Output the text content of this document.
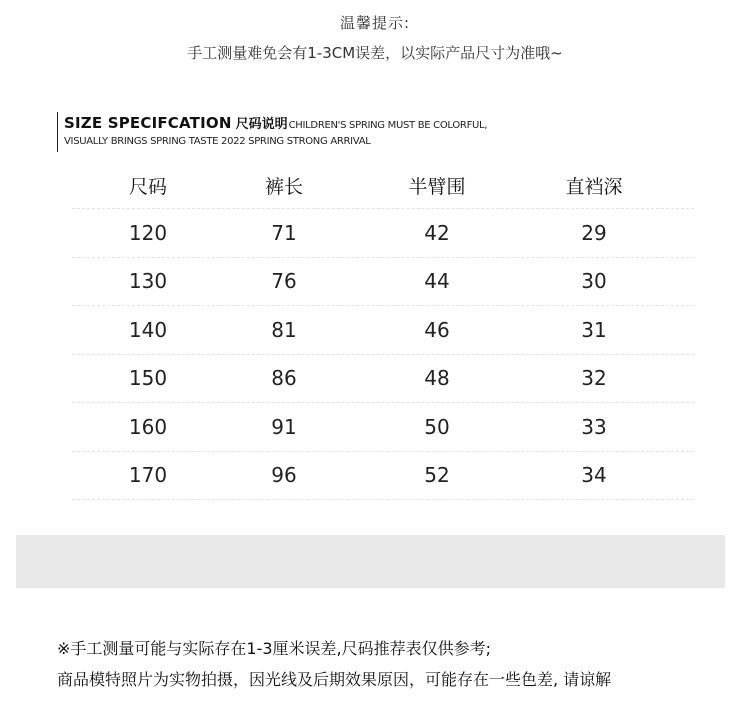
温馨提示:
手工测量难免会有1-3CM误差，以实际产品尺寸为准哦~
SIZE SPECIFCATION 尺码说明CHILDREN'S SPRING MUST BE COLORFUL,
VISUALLY BRINGS SPRING TASTE 2022 SPRING STRONG ARRIVAL
尺码	裤长	半臂围	直裆深
120	71	42	29
130	76	44	30
140	81	46	31
150	86	48	32
160	91	50	33
170	96	52	34
※手工测量可能与实际存在1-3厘米误差,尺码推荐表仅供参考;
商品模特照片为实物拍摄，因光线及后期效果原因，可能存在一些色差, 请谅解
